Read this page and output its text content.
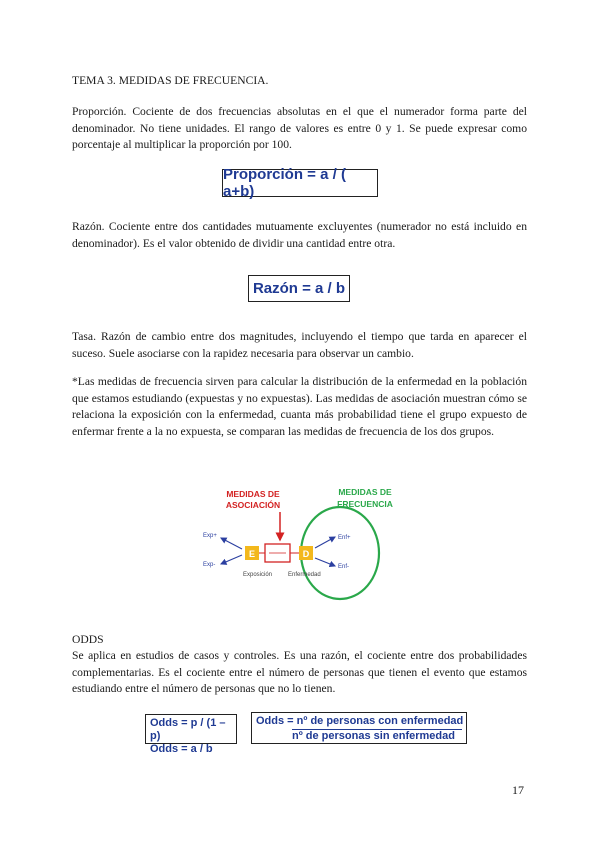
TEMA 3. MEDIDAS DE FRECUENCIA.

Proporción. Cociente de dos frecuencias absolutas en el que el numerador forma parte del denominador. No tiene unidades. El rango de valores es entre 0 y 1. Se puede expresar como porcentaje al multiplicar la proporción por 100.

Proporción = a / ( a+b)

Razón. Cociente entre dos cantidades mutuamente excluyentes (numerador no está incluido en denominador). Es el valor obtenido de dividir una cantidad entre otra.

Razón = a / b

Tasa. Razón de cambio entre dos magnitudes, incluyendo el tiempo que tarda en aparecer el suceso. Suele asociarse con la rapidez necesaria para observar un cambio.

*Las medidas de frecuencia sirven para calcular la distribución de la enfermedad en la población que estamos estudiando (expuestas y no expuestas). Las medidas de asociación muestran cómo se relaciona la exposición con la enfermedad, cuanta más probabilidad tiene el grupo expuesto de enfermar frente a la no expuesta, se comparan las medidas de frecuencia de los dos grupos.

MEDIDAS DE
ASOCIACIÓN
MEDIDAS DE
FRECUENCIA
Exp+
Exp-
E	D
Enf+
Enf-
Exposición	Enfermedad

ODDS

Se aplica en estudios de casos y controles. Es una razón, el cociente entre dos probabilidades complementarias. Es el cociente entre el número de personas que tienen el evento que estamos estudiando entre el número de personas que no lo tienen.

Odds = p / (1 – p)
Odds = a / b
Odds = nº de personas con enfermedad
nº de personas sin enfermedad
17
